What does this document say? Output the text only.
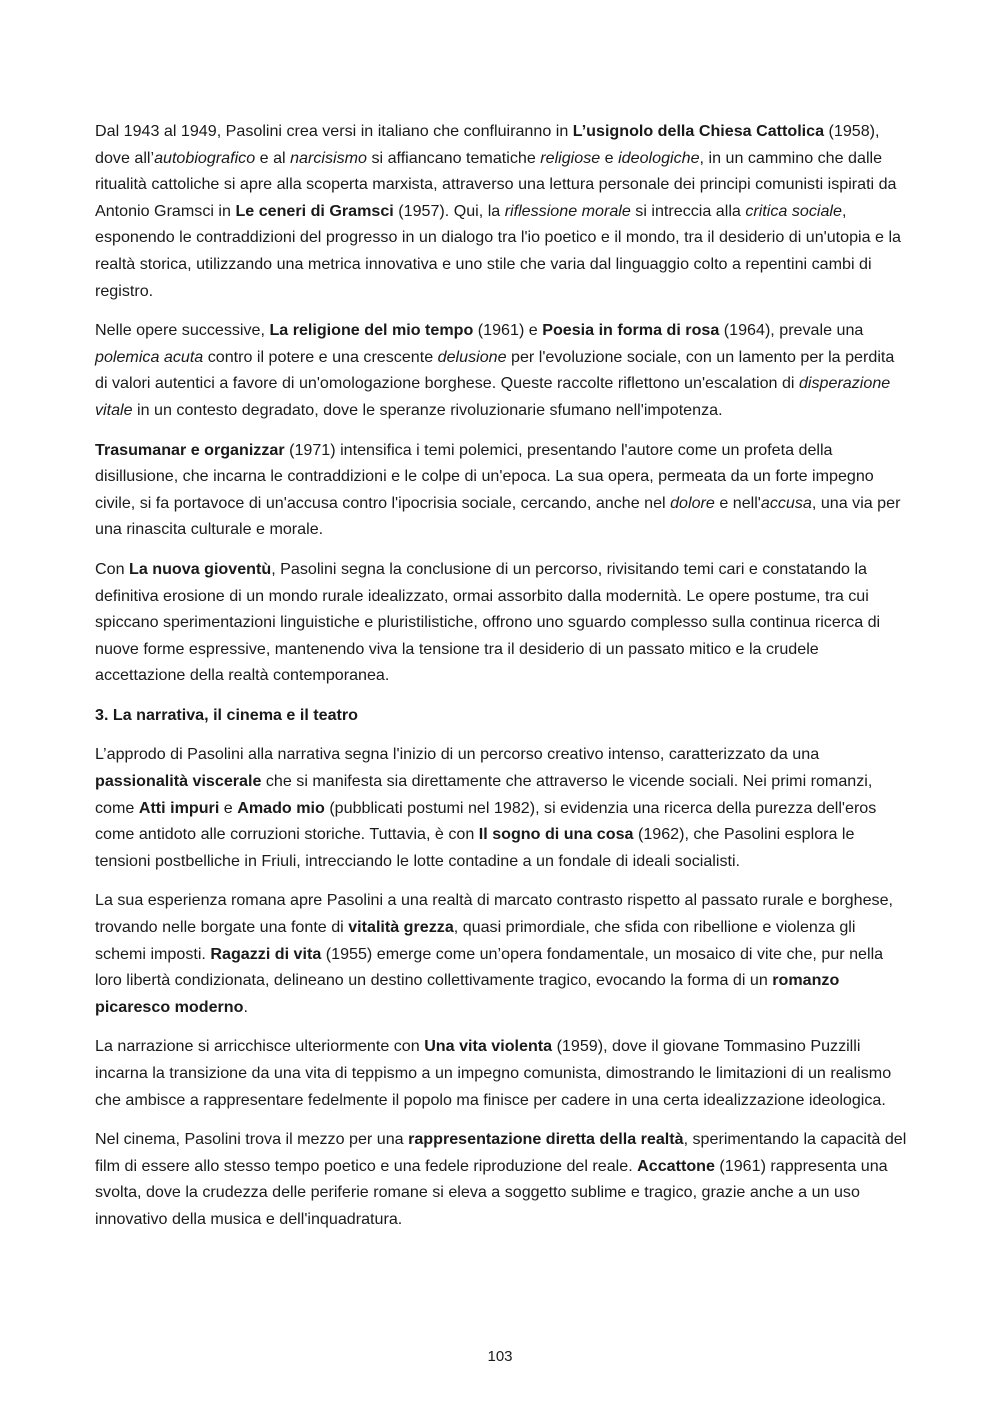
Dal 1943 al 1949, Pasolini crea versi in italiano che confluiranno in L’usignolo della Chiesa Cattolica (1958), dove all’autobiografico e al narcisismo si affiancano tematiche religiose e ideologiche, in un cammino che dalle ritualità cattoliche si apre alla scoperta marxista, attraverso una lettura personale dei principi comunisti ispirati da Antonio Gramsci in Le ceneri di Gramsci (1957). Qui, la riflessione morale si intreccia alla critica sociale, esponendo le contraddizioni del progresso in un dialogo tra l'io poetico e il mondo, tra il desiderio di un'utopia e la realtà storica, utilizzando una metrica innovativa e uno stile che varia dal linguaggio colto a repentini cambi di registro.

Nelle opere successive, La religione del mio tempo (1961) e Poesia in forma di rosa (1964), prevale una polemica acuta contro il potere e una crescente delusione per l'evoluzione sociale, con un lamento per la perdita di valori autentici a favore di un'omologazione borghese. Queste raccolte riflettono un'escalation di disperazione vitale in un contesto degradato, dove le speranze rivoluzionarie sfumano nell'impotenza.

Trasumanar e organizzar (1971) intensifica i temi polemici, presentando l'autore come un profeta della disillusione, che incarna le contraddizioni e le colpe di un'epoca. La sua opera, permeata da un forte impegno civile, si fa portavoce di un'accusa contro l'ipocrisia sociale, cercando, anche nel dolore e nell'accusa, una via per una rinascita culturale e morale.

Con La nuova gioventù, Pasolini segna la conclusione di un percorso, rivisitando temi cari e constatando la definitiva erosione di un mondo rurale idealizzato, ormai assorbito dalla modernità. Le opere postume, tra cui spiccano sperimentazioni linguistiche e pluristilistiche, offrono uno sguardo complesso sulla continua ricerca di nuove forme espressive, mantenendo viva la tensione tra il desiderio di un passato mitico e la crudele accettazione della realtà contemporanea.

3. La narrativa, il cinema e il teatro

L’approdo di Pasolini alla narrativa segna l'inizio di un percorso creativo intenso, caratterizzato da una passionalità viscerale che si manifesta sia direttamente che attraverso le vicende sociali. Nei primi romanzi, come Atti impuri e Amado mio (pubblicati postumi nel 1982), si evidenzia una ricerca della purezza dell'eros come antidoto alle corruzioni storiche. Tuttavia, è con Il sogno di una cosa (1962), che Pasolini esplora le tensioni postbelliche in Friuli, intrecciando le lotte contadine a un fondale di ideali socialisti.

La sua esperienza romana apre Pasolini a una realtà di marcato contrasto rispetto al passato rurale e borghese, trovando nelle borgate una fonte di vitalità grezza, quasi primordiale, che sfida con ribellione e violenza gli schemi imposti. Ragazzi di vita (1955) emerge come un’opera fondamentale, un mosaico di vite che, pur nella loro libertà condizionata, delineano un destino collettivamente tragico, evocando la forma di un romanzo picaresco moderno.

La narrazione si arricchisce ulteriormente con Una vita violenta (1959), dove il giovane Tommasino Puzzilli incarna la transizione da una vita di teppismo a un impegno comunista, dimostrando le limitazioni di un realismo che ambisce a rappresentare fedelmente il popolo ma finisce per cadere in una certa idealizzazione ideologica.

Nel cinema, Pasolini trova il mezzo per una rappresentazione diretta della realtà, sperimentando la capacità del film di essere allo stesso tempo poetico e una fedele riproduzione del reale. Accattone (1961) rappresenta una svolta, dove la crudezza delle periferie romane si eleva a soggetto sublime e tragico, grazie anche a un uso innovativo della musica e dell'inquadratura.

103
